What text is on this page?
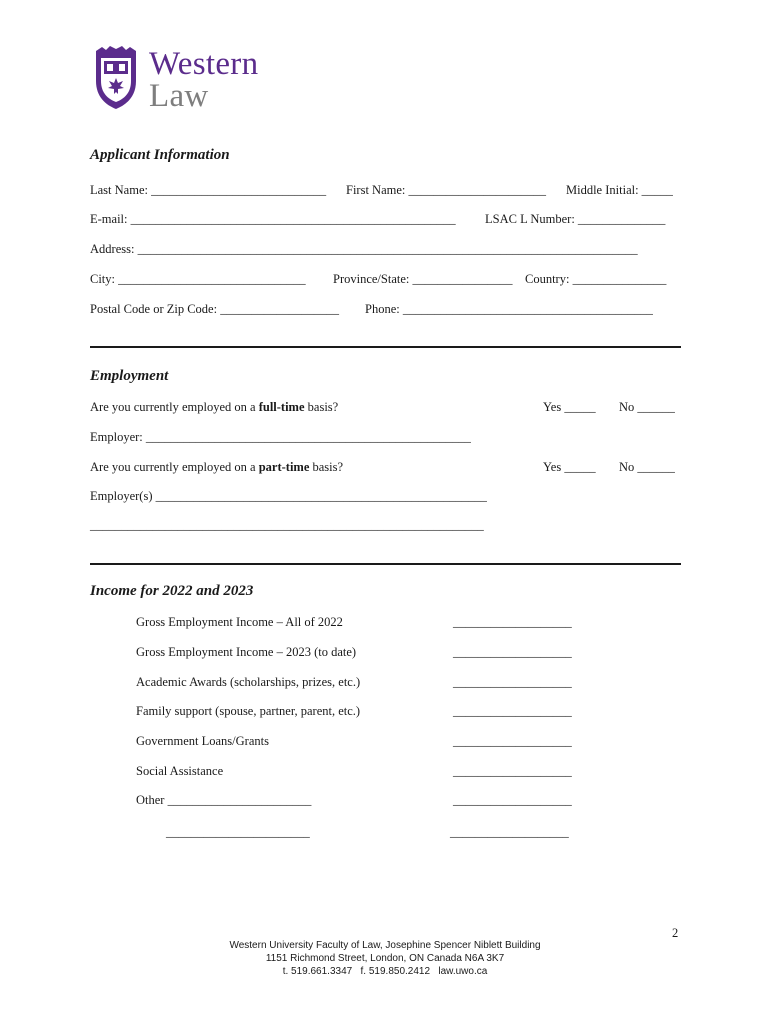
Western
Law
Applicant Information
Last Name: ____________________________ First Name: ______________________ Middle Initial: _____
E-mail: ____________________________________________________ LSAC L Number: ______________
Address: ________________________________________________________________________________
City: ______________________________ Province/State: ________________ Country: _______________
Postal Code or Zip Code: ___________________ Phone: ________________________________________
Employment
Are you currently employed on a full-time basis?	Yes _____ No ______
Employer: ____________________________________________________
Are you currently employed on a part-time basis?	Yes _____ No ______
Employer(s) _____________________________________________________
_______________________________________________________________
Income for 2022 and 2023
Gross Employment Income – All of 2022	___________________
Gross Employment Income – 2023 (to date)	___________________
Academic Awards (scholarships, prizes, etc.)	___________________
Family support (spouse, partner, parent, etc.)	___________________
Government Loans/Grants	___________________
Social Assistance	___________________
Other _______________________	___________________
_______________________	___________________
2
Western University Faculty of Law, Josephine Spencer Niblett Building
1151 Richmond Street, London, ON Canada N6A 3K7
t. 519.661.3347   f. 519.850.2412   law.uwo.ca
